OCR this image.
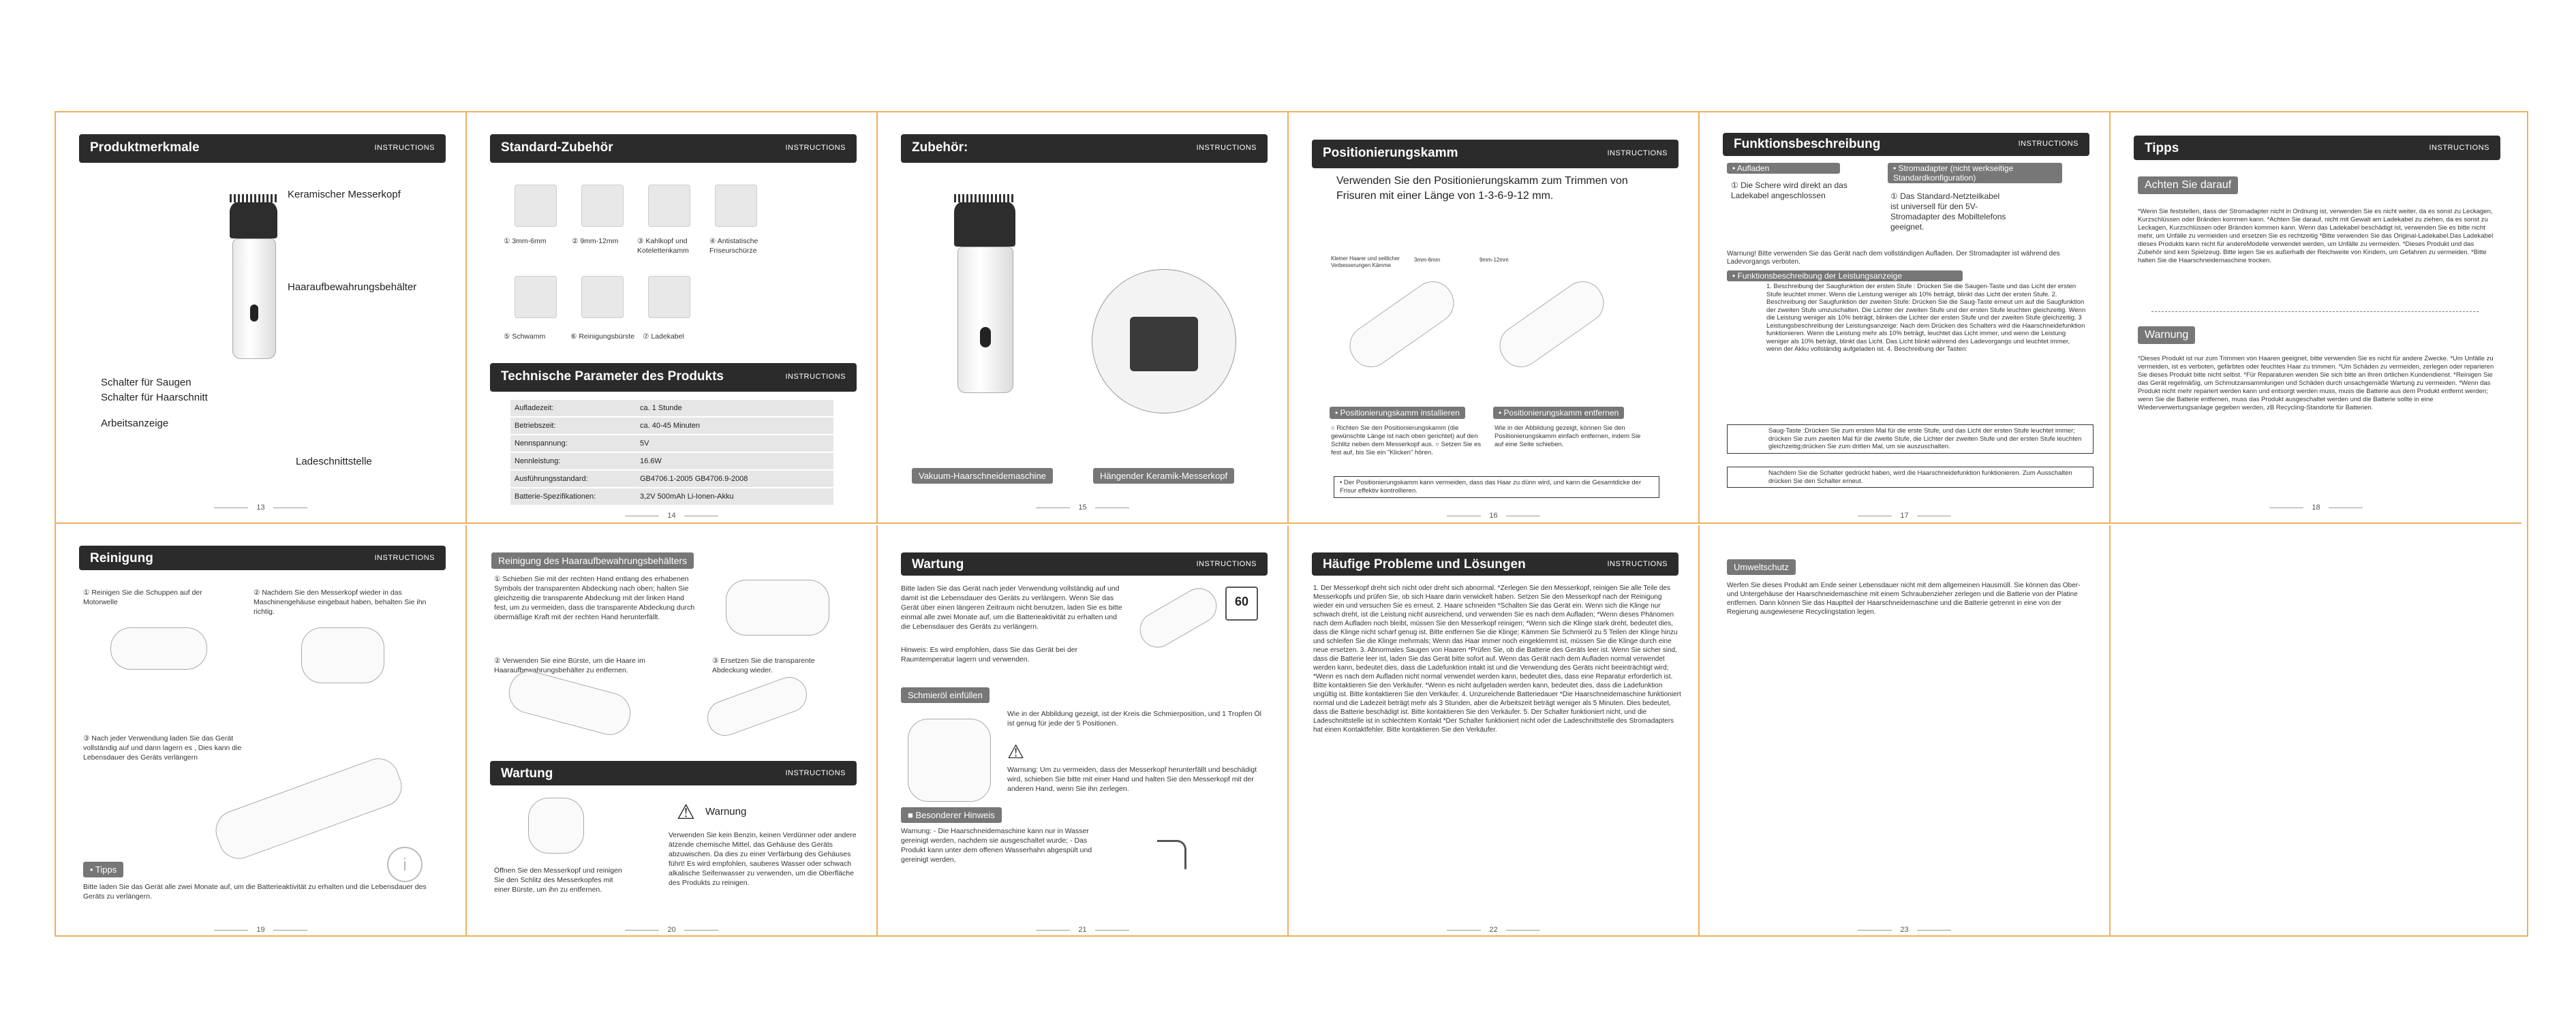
Produktmerkmale	INSTRUCTIONS
Keramischer Messerkopf
Haaraufbewahrungsbehälter
Schalter für Saugen
Schalter für Haarschnitt
Arbeitsanzeige
Ladeschnittstelle
13
Standard-Zubehör	INSTRUCTIONS
① 3mm-6mm	② 9mm-12mm	③ Kahlkopf und Kotelettenkamm
④ Antistatische Friseurschürze
⑤ Schwamm	⑥ Reinigungsbürste ⑦ Ladekabel
Technische Parameter des Produkts	INSTRUCTIONS
Aufladezeit:	ca. 1 Stunde
Betriebszeit:	ca. 40-45 Minuten
Nennspannung:	5V
Nennleistung:	16.6W
Ausführungsstandard:	GB4706.1-2005 GB4706.9-2008
Batterie-Spezifikationen:	3,2V 500mAh Li-Ionen-Akku
14
Zubehör:	INSTRUCTIONS
Vakuum-Haarschneidemaschine	Hängender Keramik-Messerkopf
15
Positionierungskamm	INSTRUCTIONS
Verwenden Sie den Positionierungskamm zum Trimmen von Frisuren mit einer Länge von 1-3-6-9-12 mm.
Kleiner Haarer und seitlicher Verbesserungen Kämme
3mm-6mm	9mm-12mm
• Positionierungskamm installieren	• Positionierungskamm entfernen
○ Richten Sie den Positionierungskamm (die gewünschte Länge ist nach oben gerichtet) auf den Schlitz neben dem Messerkopf aus. ○ Setzen Sie es fest auf, bis Sie ein "Klicken" hören.
Wie in der Abbildung gezeigt, können Sie den Positionierungskamm einfach entfernen, indem Sie auf eine Seite schieben.
• Der Positionierungskamm kann vermeiden, dass das Haar zu dünn wird, und kann die Gesamtdicke der Frisur effektiv kontrollieren.
16
Funktionsbeschreibung	INSTRUCTIONS
• Aufladen	• Stromadapter (nicht werkseitige Standardkonfiguration)
① Die Schere wird direkt an das Ladekabel angeschlossen	① Das Standard-Netzteilkabel ist universell für den 5V-Stromadapter des Mobiltelefons geeignet.
Warnung! Bitte verwenden Sie das Gerät nach dem vollständigen Aufladen. Der Stromadapter ist während des Ladevorgangs verboten.
• Funktionsbeschreibung der Leistungsanzeige
1. Beschreibung der Saugfunktion der ersten Stufe : Drücken Sie die Saugen-Taste und das Licht der ersten Stufe leuchtet immer. Wenn die Leistung weniger als 10% beträgt, blinkt das Licht der ersten Stufe. 2. Beschreibung der Saugfunktion der zweiten Stufe: Drücken Sie die Saug-Taste erneut um auf die Saugfunktion der zweiten Stufe umzuschalten. Die Lichter der zweiten Stufe und der ersten Stufe leuchten gleichzeitig. Wenn die Leistung weniger als 10% beträgt, blinken die Lichter der ersten Stufe und der zweiten Stufe gleichzeitig. 3 Leistungsbeschreibung der Leistungsanzeige: Nach dem Drücken des Schalters wird die Haarschneidefunktion funktionieren. Wenn die Leistung mehr als 10% beträgt, leuchtet das Licht immer, und wenn die Leistung weniger als 10% beträgt, blinkt das Licht. Das Licht blinkt während des Ladevorgangs und leuchtet immer, wenn der Akku vollständig aufgeladen ist. 4. Beschreibung der Tasten:
Saug-Taste :Drücken Sie zum ersten Mal für die erste Stufe, und das Licht der ersten Stufe leuchtet immer; drücken Sie zum zweiten Mal für die zweite Stufe, die Lichter der zweiten Stufe und der ersten Stufe leuchten gleichzeitig;drücken Sie zum dritten Mal, um sie auszuschalten.
Nachdem Sie die Schalter gedrückt haben, wird die Haarschneidefunktion funktionieren. Zum Ausschalten drücken Sie den Schalter erneut.
17
Tipps	INSTRUCTIONS
Achten Sie darauf
*Wenn Sie feststellen, dass der Stromadapter nicht in Ordnung ist, verwenden Sie es nicht weiter, da es sonst zu Leckagen, Kurzschlüssen oder Bränden kommen kann. *Achten Sie darauf, nicht mit Gewalt am Ladekabel zu ziehen, da es sonst zu Leckagen, Kurzschlüssen oder Bränden kommen kann. Wenn das Ladekabel beschädigt ist, verwenden Sie es bitte nicht mehr, um Unfälle zu vermeiden und ersetzen Sie es rechtzeitig *Bitte verwenden Sie das Original-Ladekabel.Das Ladekabel dieses Produkts kann nicht für andereModelle verwendet werden, um Unfälle zu vermeiden. *Dieses Produkt und das Zubehör sind kein Spielzeug. Bitte legen Sie es außerhalb der Reichweite von Kindern, um Gefahren zu vermeiden. *Bitte halten Sie die Haarschneidemaschine trocken.
Warnung
*Dieses Produkt ist nur zum Trimmen von Haaren geeignet, bitte verwenden Sie es nicht für andere Zwecke. *Um Unfälle zu vermeiden, ist es verboten, gefärbtes oder feuchtes Haar zu trimmen. *Um Schäden zu vermeiden, zerlegen oder reparieren Sie dieses Produkt bitte nicht selbst. *Für Reparaturen wenden Sie sich bitte an Ihren örtlichen Kundendienst. *Reinigen Sie das Gerät regelmäßig, um Schmutzansammlungen und Schäden durch unsachgemäße Wartung zu vermeiden. *Wenn das Produkt nicht mehr repariert werden kann und entsorgt werden muss, muss die Batterie aus dem Produkt entfernt werden; wenn Sie die Batterie entfernen, muss das Produkt ausgeschaltet werden und die Batterie sollte in eine Wiederverwertungsanlage gegeben werden, zB Recycling-Standorte für Batterien.
18
Reinigung	INSTRUCTIONS
① Reinigen Sie die Schuppen auf der Motorwelle
② Nachdem Sie den Messerkopf wieder in das Maschinengehäuse eingebaut haben, behalten Sie ihn richtig.
③ Nach jeder Verwendung laden Sie das Gerät vollständig auf und dann lagern es , Dies kann die Lebensdauer des Geräts verlängern
• Tipps	i
Bitte laden Sie das Gerät alle zwei Monate auf, um die Batterieaktivität zu erhalten und die Lebensdauer des Geräts zu verlängern.
19
Reinigung des Haaraufbewahrungsbehälters
① Schieben Sie mit der rechten Hand entlang des erhabenen Symbols der transparenten Abdeckung nach oben; halten Sie gleichzeitig die transparente Abdeckung mit der linken Hand fest, um zu vermeiden, dass die transparente Abdeckung durch übermäßige Kraft mit der rechten Hand herunterfällt.
② Verwenden Sie eine Bürste, um die Haare im Haaraufbewahrungsbehälter zu entfernen.
③ Ersetzen Sie die transparente Abdeckung wieder.
Wartung	INSTRUCTIONS
⚠ Warnung
Öffnen Sie den Messerkopf und reinigen Sie den Schlitz des Messerkopfes mit einer Bürste, um ihn zu entfernen.
Verwenden Sie kein Benzin, keinen Verdünner oder andere ätzende chemische Mittel, das Gehäuse des Geräts abzuwischen. Da dies zu einer Verfärbung des Gehäuses führt! Es wird empfohlen, sauberes Wasser oder schwach alkalische Seifenwasser zu verwenden, um die Oberfläche des Produkts zu reinigen.
20
Wartung	INSTRUCTIONS
Bitte laden Sie das Gerät nach jeder Verwendung vollständig auf und damit ist die Lebensdauer des Geräts zu verlängern. Wenn Sie das Gerät über einen längeren Zeitraum nicht benutzen, laden Sie es bitte einmal alle zwei Monate auf, um die Batterieaktivität zu erhalten und die Lebensdauer des Geräts zu verlängern.
Hinweis: Es wird empfohlen, dass Sie das Gerät bei der Raumtemperatur lagern und verwenden.
60
Schmieröl einfüllen
Wie in der Abbildung gezeigt, ist der Kreis die Schmierposition, und 1 Tropfen Öl ist genug für jede der 5 Positionen.
⚠
Warnung: Um zu vermeiden, dass der Messerkopf herunterfällt und beschädigt wird, schieben Sie bitte mit einer Hand und halten Sie den Messerkopf mit der anderen Hand, wenn Sie ihn zerlegen.
■ Besonderer Hinweis
Warnung: - Die Haarschneidemaschine kann nur in Wasser gereinigt werden, nachdem sie ausgeschaltet wurde; - Das Produkt kann unter dem offenen Wasserhahn abgespült und gereinigt werden,
21
Häufige Probleme und Lösungen	INSTRUCTIONS
1. Der Messerkopf dreht sich nicht oder dreht sich abnormal. *Zerlegen Sie den Messerkopf, reinigen Sie alle Teile des Messerkopfs und prüfen Sie, ob sich Haare darin verwickelt haben. Setzen Sie den Messerkopf nach der Reinigung wieder ein und versuchen Sie es erneut. 2. Haare schneiden *Schalten Sie das Gerät ein. Wenn sich die Klinge nur schwach dreht, ist die Leistung nicht ausreichend, und verwenden Sie es nach dem Aufladen; *Wenn dieses Phänomen nach dem Aufladen noch bleibt, müssen Sie den Messerkopf reinigen; *Wenn sich die Klinge stark dreht, bedeutet dies, dass die Klinge nicht scharf genug ist. Bitte entfernen Sie die Klinge; Kämmen Sie Schmieröl zu 5 Teilen der Klinge hinzu und schleifen Sie die Klinge mehrmals; Wenn das Haar immer noch eingeklemmt ist, müssen Sie die Klinge durch eine neue ersetzen. 3. Abnormales Saugen von Haaren *Prüfen Sie, ob die Batterie des Geräts leer ist. Wenn Sie sicher sind, dass die Batterie leer ist, laden Sie das Gerät bitte sofort auf. Wenn das Gerät nach dem Aufladen normal verwendet werden kann, bedeutet dies, dass die Ladefunktion intakt ist und die Verwendung des Geräts nicht beeinträchtigt wird; *Wenn es nach dem Aufladen nicht normal verwendet werden kann, bedeutet dies, dass eine Reparatur erforderlich ist. Bitte kontaktieren Sie den Verkäufer. *Wenn es nicht aufgeladen werden kann, bedeutet dies, dass die Ladefunktion ungültig ist. Bitte kontaktieren Sie den Verkäufer. 4. Unzureichende Batteriedauer *Die Haarschneidemaschine funktioniert normal und die Ladezeit beträgt mehr als 3 Stunden, aber die Arbeitszeit beträgt weniger als 5 Minuten. Dies bedeutet, dass die Batterie beschädigt ist. Bitte kontaktieren Sie den Verkäufer. 5. Der Schalter funktioniert nicht, und die Ladeschnittstelle ist in schlechtem Kontakt *Der Schalter funktioniert nicht oder die Ladeschnittstelle des Stromadapters hat einen Kontaktfehler. Bitte kontaktieren Sie den Verkäufer.
22
Umweltschutz
Werfen Sie dieses Produkt am Ende seiner Lebensdauer nicht mit dem allgemeinen Hausmüll. Sie können das Ober- und Untergehäuse der Haarschneidemaschine mit einem Schraubenzieher zerlegen und die Batterie von der Platine entfernen. Dann können Sie das Hauptteil der Haarschneidemaschine und die Batterie getrennt in eine von der Regierung ausgewiesene Recyclingstation legen.
23
